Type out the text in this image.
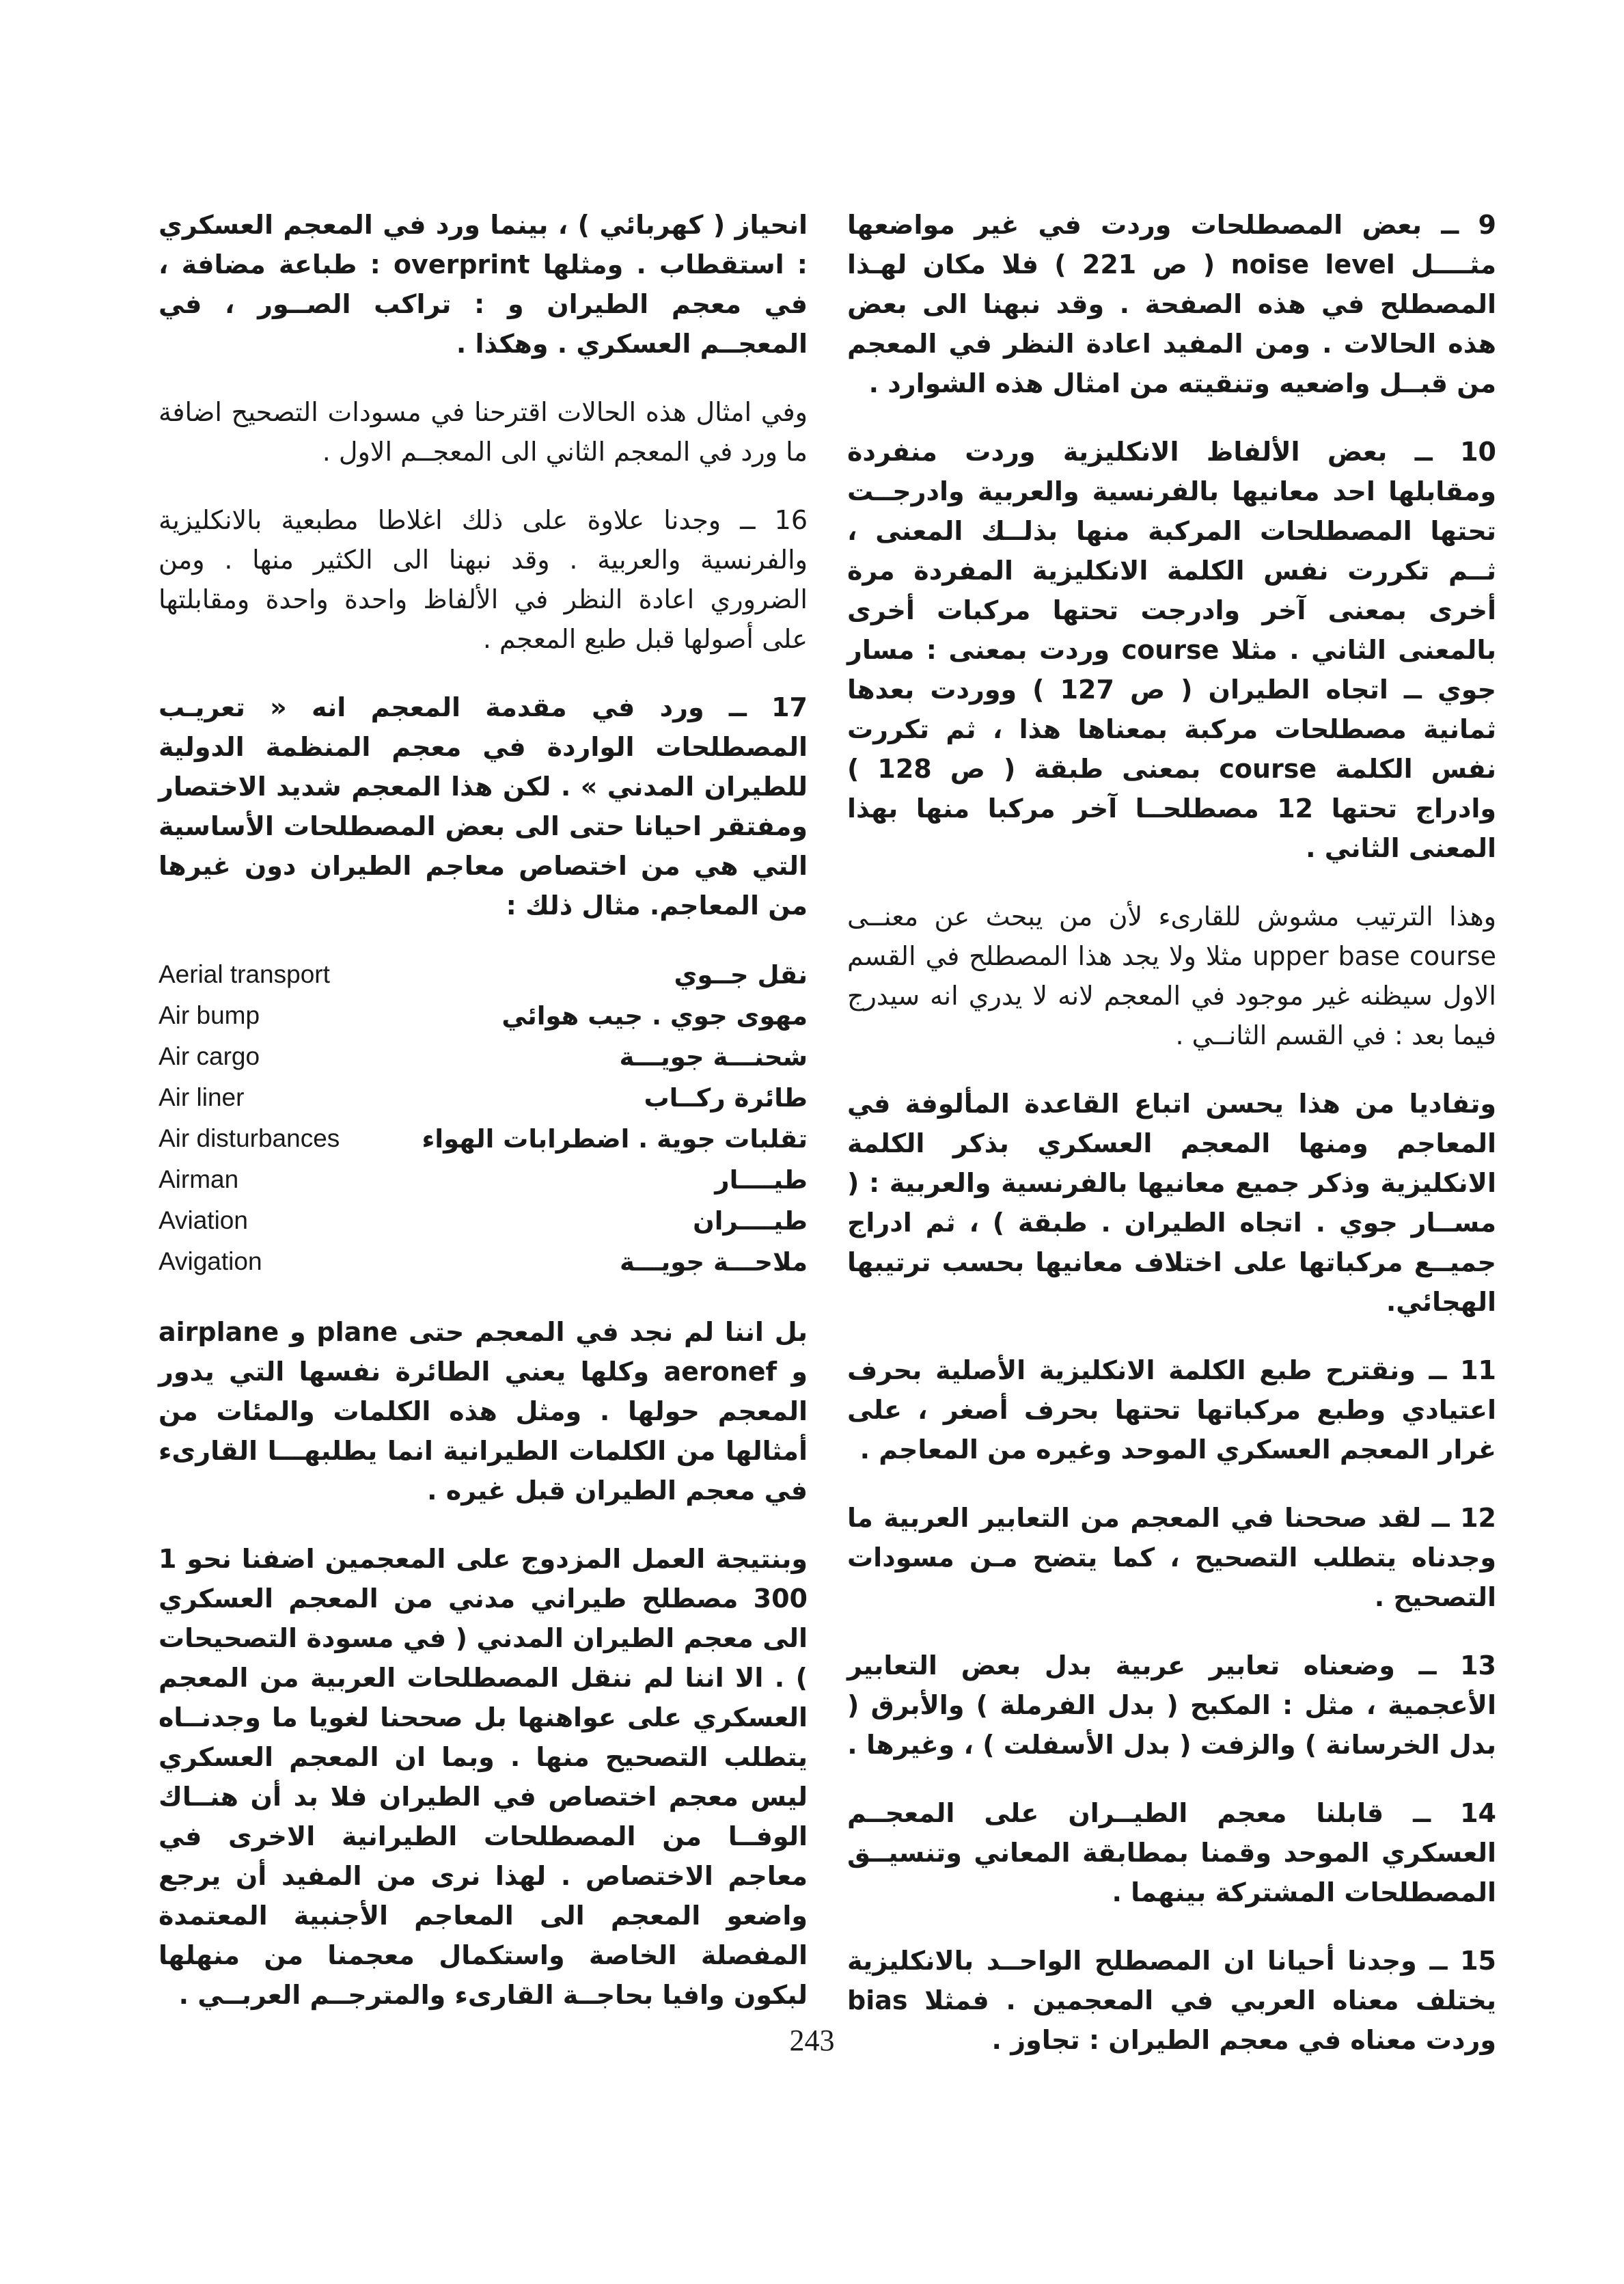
9 ــ بعض المصطلحات وردت في غير مواضعها مثــــل noise level ( ص 221 ) فلا مكان لهـذا المصطلح في هذه الصفحة . وقد نبهنا الى بعض هذه الحالات . ومن المفيد اعادة النظر في المعجم من قبــل واضعيه وتنقيته من امثال هذه الشوارد .

10 ــ بعض الألفاظ الانكليزية وردت منفردة ومقابلها احد معانيها بالفرنسية والعربية وادرجــت تحتها المصطلحات المركبة منها بذلــك المعنى ، ثــم تكررت نفس الكلمة الانكليزية المفردة مرة أخرى بمعنى آخر وادرجت تحتها مركبات أخرى بالمعنى الثاني . مثلا course وردت بمعنى : مسار جوي ــ اتجاه الطيران ( ص 127 ) ووردت بعدها ثمانية مصطلحات مركبة بمعناها هذا ، ثم تكررت نفس الكلمة course بمعنى طبقة ( ص 128 ) وادراج تحتها 12 مصطلحــا آخر مركبا منها بهذا المعنى الثاني .

وهذا الترتيب مشوش للقارىء لأن من يبحث عن معنــى upper base course مثلا ولا يجد هذا المصطلح في القسم الاول سيظنه غير موجود في المعجم لانه لا يدري انه سيدرج فيما بعد : في القسم الثانــي .

وتفاديا من هذا يحسن اتباع القاعدة المألوفة في المعاجم ومنها المعجم العسكري بذكر الكلمة الانكليزية وذكر جميع معانيها بالفرنسية والعربية : ( مســار جوي . اتجاه الطيران . طبقة ) ، ثم ادراج جميــع مركباتها على اختلاف معانيها بحسب ترتيبها الهجائي.

11 ــ ونقترح طبع الكلمة الانكليزية الأصلية بحرف اعتيادي وطبع مركباتها تحتها بحرف أصغر ، على غرار المعجم العسكري الموحد وغيره من المعاجم .

12 ــ لقد صححنا في المعجم من التعابير العربية ما وجدناه يتطلب التصحيح ، كما يتضح مـن مسودات التصحيح .

13 ــ وضعناه تعابير عربية بدل بعض التعابير الأعجمية ، مثل : المكبح ( بدل الفرملة ) والأبرق ( بدل الخرسانة ) والزفت ( بدل الأسفلت ) ، وغيرها .

14 ــ قابلنا معجم الطيــران على المعجــم العسكري الموحد وقمنا بمطابقة المعاني وتنسيــق المصطلحات المشتركة بينهما .

15 ــ وجدنا أحيانا ان المصطلح الواحــد بالانكليزية يختلف معناه العربي في المعجمين . فمثلا bias وردت معناه في معجم الطيران : تجاوز .

انحياز ( كهربائي ) ، بينما ورد في المعجم العسكري : استقطاب . ومثلها overprint : طباعة مضافة ، في معجم الطيران و : تراكب الصــور ، في المعجــم العسكري . وهكذا .

وفي امثال هذه الحالات اقترحنا في مسودات التصحيح اضافة ما ورد في المعجم الثاني الى المعجــم الاول .

16 ــ وجدنا علاوة على ذلك اغلاطا مطبعية بالانكليزية والفرنسية والعربية . وقد نبهنا الى الكثير منها . ومن الضروري اعادة النظر في الألفاظ واحدة واحدة ومقابلتها على أصولها قبل طبع المعجم .

17 ــ ورد في مقدمة المعجم انه « تعريـب المصطلحات الواردة في معجم المنظمة الدولية للطيران المدني » . لكن هذا المعجم شديد الاختصار ومفتقر احيانا حتى الى بعض المصطلحات الأساسية التي هي من اختصاص معاجم الطيران دون غيرها من المعاجم. مثال ذلك :

Aerial transport	نقل جــوي
Air bump	مهوى جوي . جيب هوائي
Air cargo	شحنـــة جويـــة
Air liner	طائرة ركــاب
Air disturbances	تقلبات جوية . اضطرابات الهواء
Airman	طيــــار
Aviation	طيــــران
Avigation	ملاحـــة جويـــة

بل اننا لم نجد في المعجم حتى plane و airplane و aeronef وكلها يعني الطائرة نفسها التي يدور المعجم حولها . ومثل هذه الكلمات والمئات من أمثالها من الكلمات الطيرانية انما يطلبهـــا القارىء في معجم الطيران قبل غيره .

وبنتيجة العمل المزدوج على المعجمين اضفنا نحو 1 300 مصطلح طيراني مدني من المعجم العسكري الى معجم الطيران المدني ( في مسودة التصحيحات ) . الا اننا لم ننقل المصطلحات العربية من المعجم العسكري على عواهنها بل صححنا لغويا ما وجدنــاه يتطلب التصحيح منها . وبما ان المعجم العسكري ليس معجم اختصاص في الطيران فلا بد أن هنــاك الوفــا من المصطلحات الطيرانية الاخرى في معاجم الاختصاص . لهذا نرى من المفيد أن يرجع واضعو المعجم الى المعاجم الأجنبية المعتمدة المفصلة الخاصة واستكمال معجمنا من منهلها لبكون وافيا بحاجــة القارىء والمترجــم العربــي .

243
